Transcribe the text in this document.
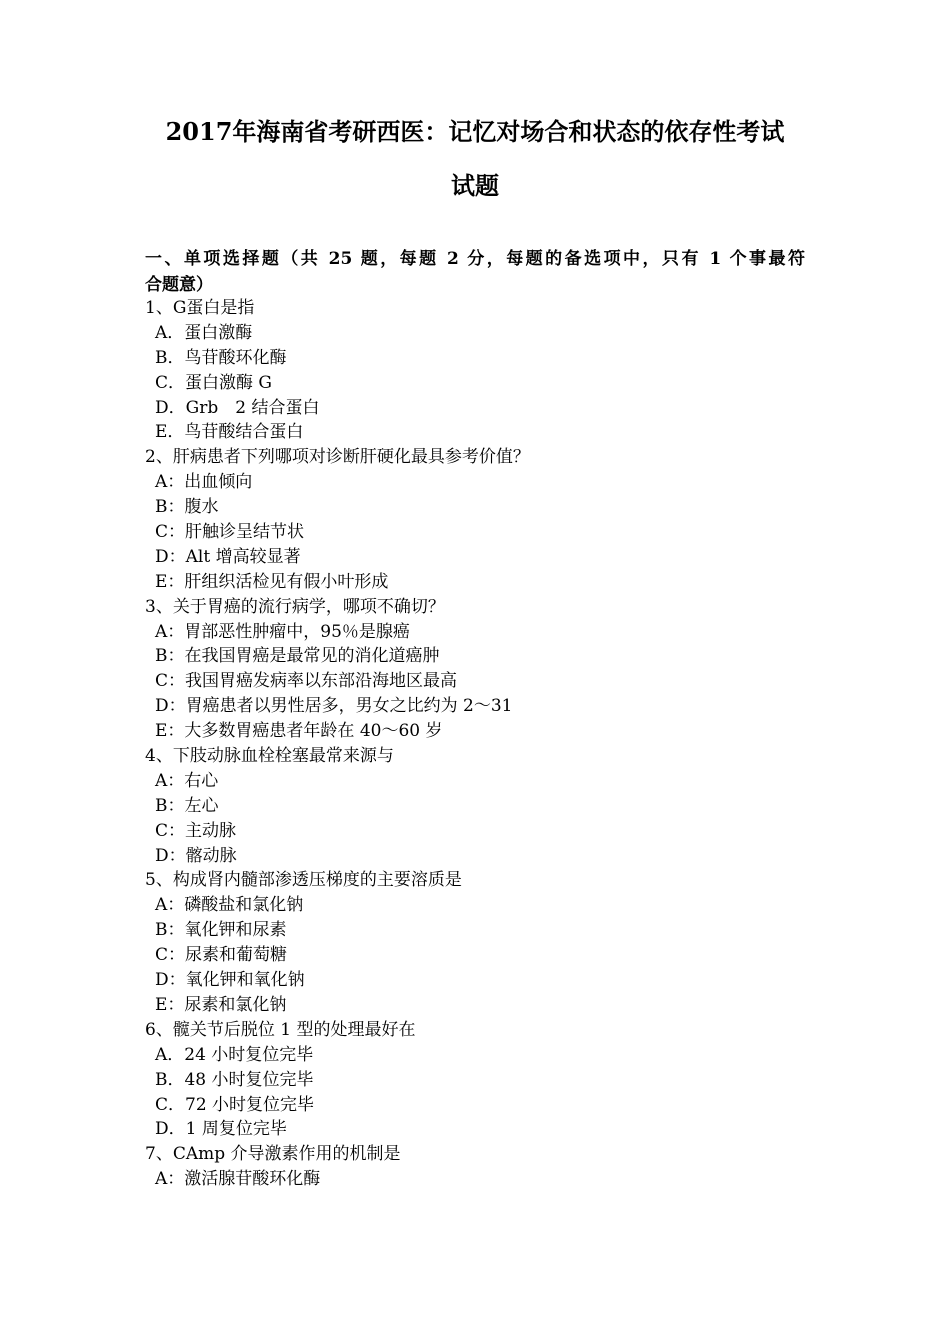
2017年海南省考研西医：记忆对场合和状态的依存性考试
试题
一、单项选择题（共 25 题，每题 2 分，每题的备选项中，只有 1 个事最符
合题意）
1、G蛋白是指
A．蛋白激酶
B．鸟苷酸环化酶
C．蛋白激酶 G
D．Grb　2 结合蛋白
E．鸟苷酸结合蛋白
2、肝病患者下列哪项对诊断肝硬化最具参考价值？
A：出血倾向
B：腹水
C：肝触诊呈结节状
D：Alt 增高较显著
E：肝组织活检见有假小叶形成
3、关于胃癌的流行病学，哪项不确切？
A：胃部恶性肿瘤中，95％是腺癌
B：在我国胃癌是最常见的消化道癌肿
C：我国胃癌发病率以东部沿海地区最高
D：胃癌患者以男性居多，男女之比约为 2～31
E：大多数胃癌患者年龄在 40～60 岁
4、下肢动脉血栓栓塞最常来源与
A：右心
B：左心
C：主动脉
D：髂动脉
5、构成肾内髓部渗透压梯度的主要溶质是
A：磷酸盐和氯化钠
B：氧化钾和尿素
C：尿素和葡萄糖
D：氧化钾和氧化钠
E：尿素和氯化钠
6、髋关节后脱位 1 型的处理最好在
A．24 小时复位完毕
B．48 小时复位完毕
C．72 小时复位完毕
D．1 周复位完毕
7、CAmp 介导激素作用的机制是
A：激活腺苷酸环化酶
